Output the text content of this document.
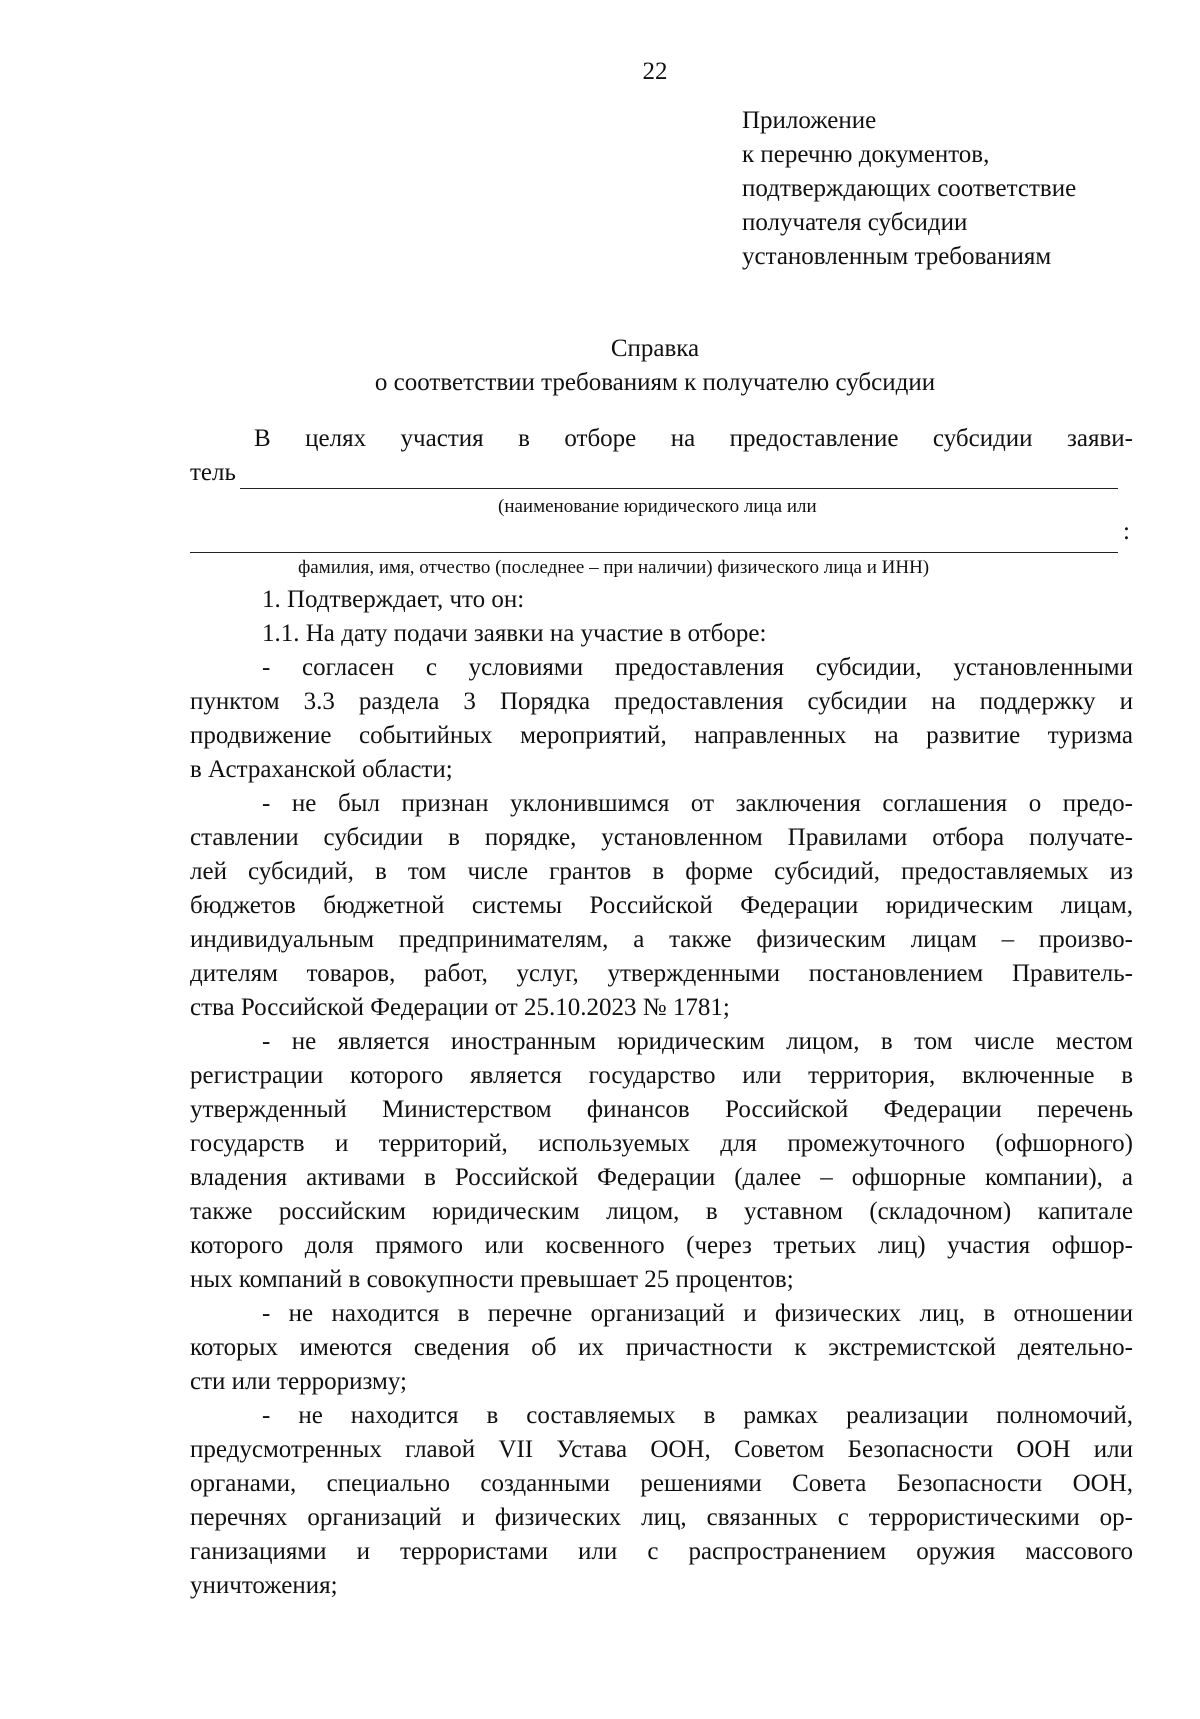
22
Приложение
к перечню документов,
подтверждающих соответствие
получателя субсидии
установленным требованиям
Справка
о соответствии требованиям к получателю субсидии
В целях участия в отборе на предоставление субсидии заяви-
тель
(наименование юридического лица или
:
фамилия, имя, отчество (последнее – при наличии) физического лица и ИНН)
1. Подтверждает, что он:
1.1. На дату подачи заявки на участие в отборе:
- согласен с условиями предоставления субсидии, установленными
пунктом 3.3 раздела 3 Порядка предоставления субсидии на поддержку и
продвижение событийных мероприятий, направленных на развитие туризма
в Астраханской области;
- не был признан уклонившимся от заключения соглашения о предо-
ставлении субсидии в порядке, установленном Правилами отбора получате-
лей субсидий, в том числе грантов в форме субсидий, предоставляемых из
бюджетов бюджетной системы Российской Федерации юридическим лицам,
индивидуальным предпринимателям, а также физическим лицам – произво-
дителям товаров, работ, услуг, утвержденными постановлением Правитель-
ства Российской Федерации от 25.10.2023 № 1781;
- не является иностранным юридическим лицом, в том числе местом
регистрации которого является государство или территория, включенные в
утвержденный Министерством финансов Российской Федерации перечень
государств и территорий, используемых для промежуточного (офшорного)
владения активами в Российской Федерации (далее – офшорные компании), а
также российским юридическим лицом, в уставном (складочном) капитале
которого доля прямого или косвенного (через третьих лиц) участия офшор-
ных компаний в совокупности превышает 25 процентов;
- не находится в перечне организаций и физических лиц, в отношении
которых имеются сведения об их причастности к экстремистской деятельно-
сти или терроризму;
- не находится в составляемых в рамках реализации полномочий,
предусмотренных главой VII Устава ООН, Советом Безопасности ООН или
органами, специально созданными решениями Совета Безопасности ООН,
перечнях организаций и физических лиц, связанных с террористическими ор-
ганизациями и террористами или с распространением оружия массового
уничтожения;
